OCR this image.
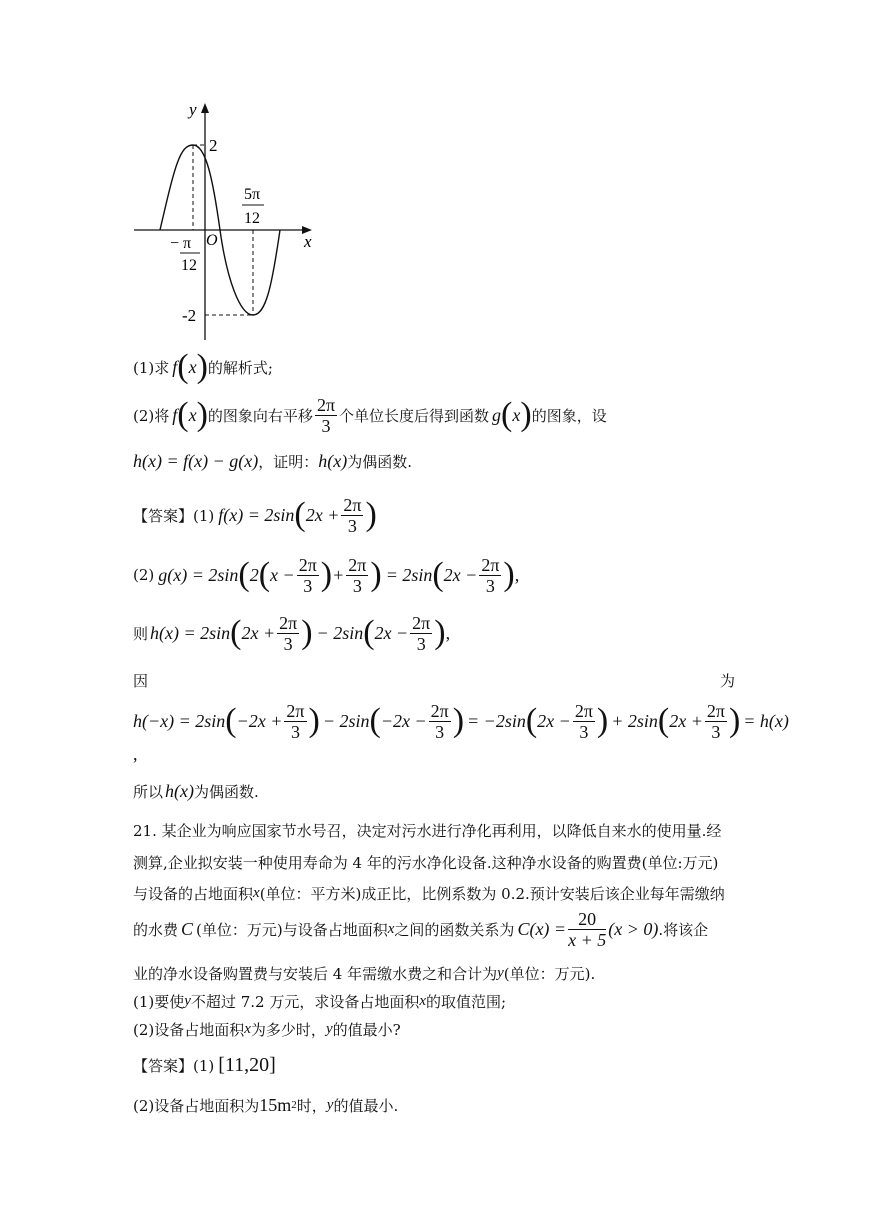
y
x
O
2
-2
− π
12
5π
12
(1)求 f ( x ) 的解析式;
(2)将 f ( x ) 的图象向右平移 $\frac{2\pi}{3}$ 个单位长度后得到函数 g ( x ) 的图象，设
h(x) = f(x) − g(x) ，证明： h(x) 为偶函数.
【答案】(1) f(x) = 2sin ( $2x + \frac{2\pi}{3}$ )
(2) g(x) = 2sin ( 2 ( $x - \frac{2\pi}{3}$ ) + $\frac{2\pi}{3}$ ) = 2sin ( $2x - \frac{2\pi}{3}$ ) ,
则 h(x) = 2sin ( $2x + \frac{2\pi}{3}$ ) − 2sin ( $2x - \frac{2\pi}{3}$ ) ,
因	为
h(−x) = 2sin ( $-2x + \frac{2\pi}{3}$ ) − 2sin ( $-2x - \frac{2\pi}{3}$ ) = −2sin ( $2x - \frac{2\pi}{3}$ ) + 2sin ( $2x + \frac{2\pi}{3}$ ) = h(x)
,
所以 h(x) 为偶函数.
21. 某企业为响应国家节水号召，决定对污水进行净化再利用，以降低自来水的使用量.经
测算,企业拟安装一种使用寿命为 4 年的污水净化设备.这种净水设备的购置费(单位:万元)
与设备的占地面积 x (单位：平方米)成正比，比例系数为 0.2.预计安装后该企业每年需缴纳
的水费 C (单位：万元)与设备占地面积 x 之间的函数关系为 $C(x) = \frac{20}{x + 5} (x > 0)$ .将该企
业的净水设备购置费与安装后 4 年需缴水费之和合计为 y (单位：万元).
(1)要使 y 不超过 7.2 万元，求设备占地面积 x 的取值范围;
(2)设备占地面积 x 为多少时， y 的值最小?
【答案】(1) [11,20]
(2)设备占地面积为 15m 2 时， y 的值最小.
